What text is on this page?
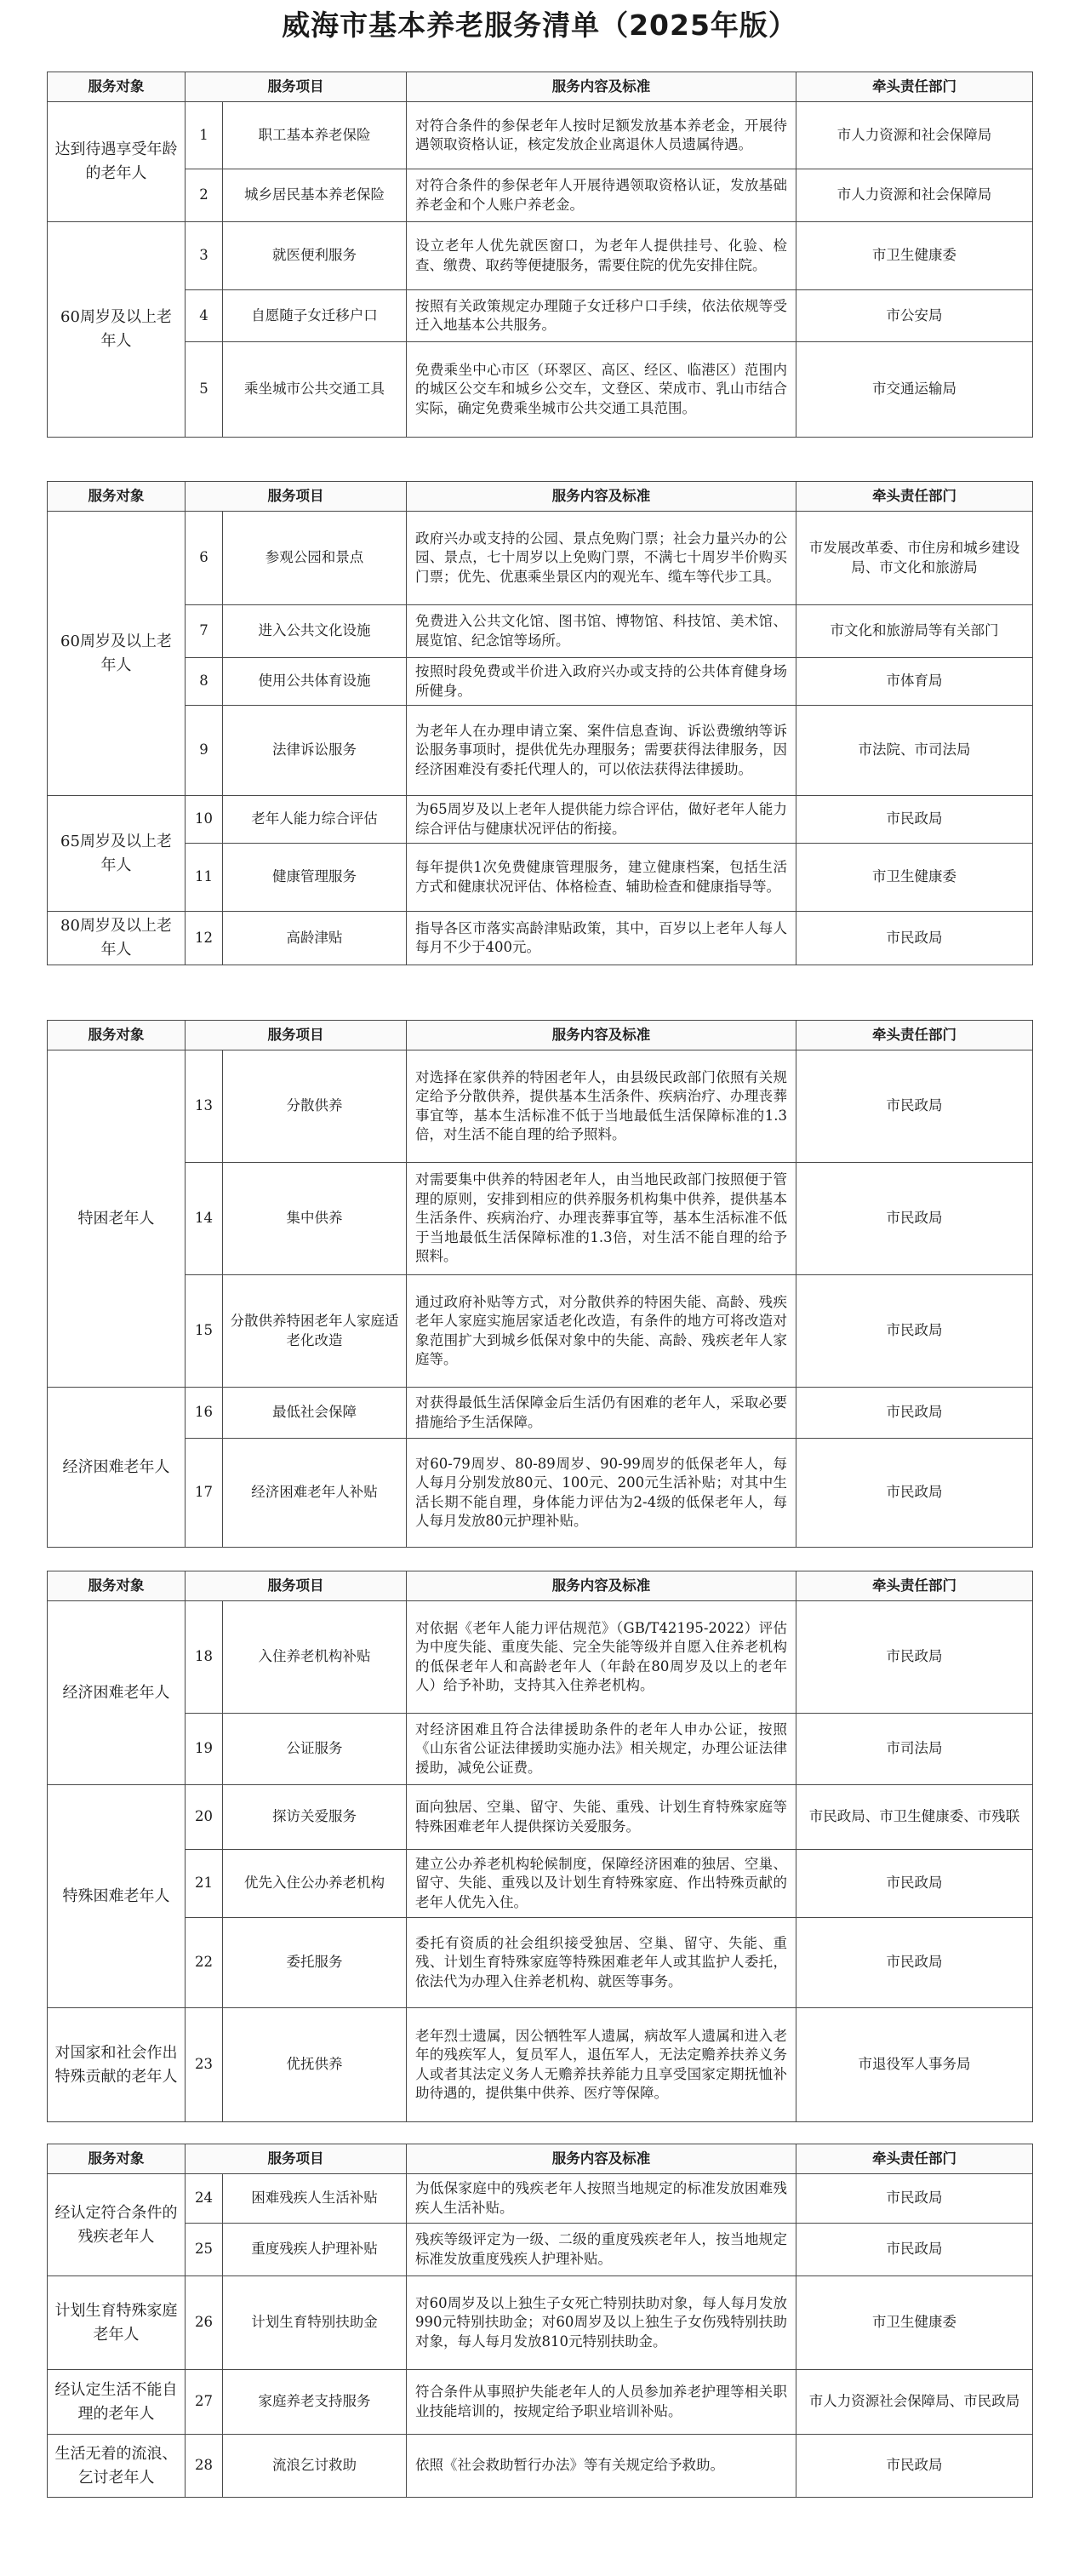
威海市基本养老服务清单（2025年版）
服务对象	服务项目		服务内容及标准	牵头责任部门
达到待遇享受年龄的老年人	1	职工基本养老保险	对符合条件的参保老年人按时足额发放基本养老金，开展待遇领取资格认证，核定发放企业离退休人员遗属待遇。	市人力资源和社会保障局
	2	城乡居民基本养老保险	对符合条件的参保老年人开展待遇领取资格认证，发放基础养老金和个人账户养老金。	市人力资源和社会保障局
60周岁及以上老年人	3	就医便利服务	设立老年人优先就医窗口，为老年人提供挂号、化验、检查、缴费、取药等便捷服务，需要住院的优先安排住院。	市卫生健康委
	4	自愿随子女迁移户口	按照有关政策规定办理随子女迁移户口手续，依法依规等受迁入地基本公共服务。	市公安局
	5	乘坐城市公共交通工具	免费乘坐中心市区（环翠区、高区、经区、临港区）范围内的城区公交车和城乡公交车，文登区、荣成市、乳山市结合实际，确定免费乘坐城市公共交通工具范围。	市交通运输局
服务对象	服务项目		服务内容及标准	牵头责任部门
60周岁及以上老年人	6	参观公园和景点	政府兴办或支持的公园、景点免购门票；社会力量兴办的公园、景点，七十周岁以上免购门票，不满七十周岁半价购买门票；优先、优惠乘坐景区内的观光车、缆车等代步工具。	市发展改革委、市住房和城乡建设局、市文化和旅游局
	7	进入公共文化设施	免费进入公共文化馆、图书馆、博物馆、科技馆、美术馆、展览馆、纪念馆等场所。	市文化和旅游局等有关部门
	8	使用公共体育设施	按照时段免费或半价进入政府兴办或支持的公共体育健身场所健身。	市体育局
	9	法律诉讼服务	为老年人在办理申请立案、案件信息查询、诉讼费缴纳等诉讼服务事项时，提供优先办理服务；需要获得法律服务，因经济困难没有委托代理人的，可以依法获得法律援助。	市法院、市司法局
65周岁及以上老年人	10	老年人能力综合评估	为65周岁及以上老年人提供能力综合评估，做好老年人能力综合评估与健康状况评估的衔接。	市民政局
	11	健康管理服务	每年提供1次免费健康管理服务，建立健康档案，包括生活方式和健康状况评估、体格检查、辅助检查和健康指导等。	市卫生健康委
80周岁及以上老年人	12	高龄津贴	指导各区市落实高龄津贴政策，其中，百岁以上老年人每人每月不少于400元。	市民政局
服务对象	服务项目		服务内容及标准	牵头责任部门
特困老年人	13	分散供养	对选择在家供养的特困老年人，由县级民政部门依照有关规定给予分散供养，提供基本生活条件、疾病治疗、办理丧葬事宜等，基本生活标准不低于当地最低生活保障标准的1.3倍，对生活不能自理的给予照料。	市民政局
	14	集中供养	对需要集中供养的特困老年人，由当地民政部门按照便于管理的原则，安排到相应的供养服务机构集中供养，提供基本生活条件、疾病治疗、办理丧葬事宜等，基本生活标准不低于当地最低生活保障标准的1.3倍，对生活不能自理的给予照料。	市民政局
	15	分散供养特困老年人家庭适老化改造	通过政府补贴等方式，对分散供养的特困失能、高龄、残疾老年人家庭实施居家适老化改造，有条件的地方可将改造对象范围扩大到城乡低保对象中的失能、高龄、残疾老年人家庭等。	市民政局
经济困难老年人	16	最低社会保障	对获得最低生活保障金后生活仍有困难的老年人，采取必要措施给予生活保障。	市民政局
	17	经济困难老年人补贴	对60-79周岁、80-89周岁、90-99周岁的低保老年人，每人每月分别发放80元、100元、200元生活补贴；对其中生活长期不能自理，身体能力评估为2-4级的低保老年人，每人每月发放80元护理补贴。	市民政局
服务对象	服务项目		服务内容及标准	牵头责任部门
经济困难老年人	18	入住养老机构补贴	对依据《老年人能力评估规范》（GB/T42195-2022）评估为中度失能、重度失能、完全失能等级并自愿入住养老机构的低保老年人和高龄老年人（年龄在80周岁及以上的老年人）给予补助，支持其入住养老机构。	市民政局
	19	公证服务	对经济困难且符合法律援助条件的老年人申办公证，按照《山东省公证法律援助实施办法》相关规定，办理公证法律援助，减免公证费。	市司法局
特殊困难老年人	20	探访关爱服务	面向独居、空巢、留守、失能、重残、计划生育特殊家庭等特殊困难老年人提供探访关爱服务。	市民政局、市卫生健康委、市残联
	21	优先入住公办养老机构	建立公办养老机构轮候制度，保障经济困难的独居、空巢、留守、失能、重残以及计划生育特殊家庭、作出特殊贡献的老年人优先入住。	市民政局
	22	委托服务	委托有资质的社会组织接受独居、空巢、留守、失能、重残、计划生育特殊家庭等特殊困难老年人或其监护人委托，依法代为办理入住养老机构、就医等事务。	市民政局
对国家和社会作出特殊贡献的老年人	23	优抚供养	老年烈士遗属，因公牺牲军人遗属，病故军人遗属和进入老年的残疾军人，复员军人，退伍军人，无法定赡养扶养义务人或者其法定义务人无赡养扶养能力且享受国家定期抚恤补助待遇的，提供集中供养、医疗等保障。	市退役军人事务局
服务对象	服务项目		服务内容及标准	牵头责任部门
经认定符合条件的残疾老年人	24	困难残疾人生活补贴	为低保家庭中的残疾老年人按照当地规定的标准发放困难残疾人生活补贴。	市民政局
	25	重度残疾人护理补贴	残疾等级评定为一级、二级的重度残疾老年人，按当地规定标准发放重度残疾人护理补贴。	市民政局
计划生育特殊家庭老年人	26	计划生育特别扶助金	对60周岁及以上独生子女死亡特别扶助对象，每人每月发放990元特别扶助金；对60周岁及以上独生子女伤残特别扶助对象，每人每月发放810元特别扶助金。	市卫生健康委
经认定生活不能自理的老年人	27	家庭养老支持服务	符合条件从事照护失能老年人的人员参加养老护理等相关职业技能培训的，按规定给予职业培训补贴。	市人力资源社会保障局、市民政局
生活无着的流浪、乞讨老年人	28	流浪乞讨救助	依照《社会救助暂行办法》等有关规定给予救助。	市民政局
